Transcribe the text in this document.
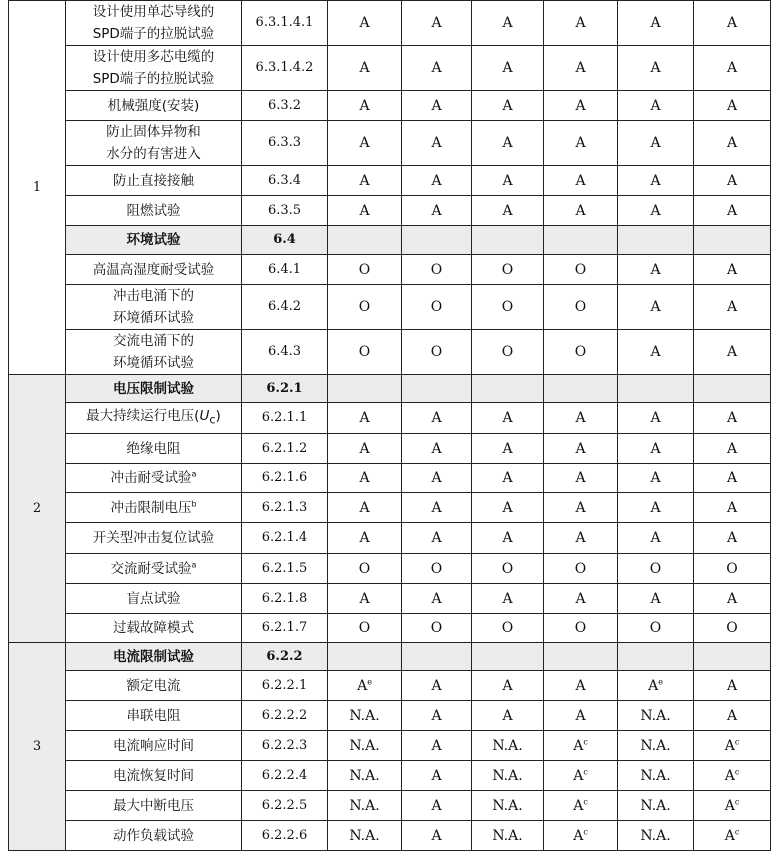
1	设计使用单芯导线的
SPD端子的拉脱试验	6.3.1.4.1	A	A	A	A	A	A
	设计使用多芯电缆的
SPD端子的拉脱试验	6.3.1.4.2	A	A	A	A	A	A
	机械强度(安装)	6.3.2	A	A	A	A	A	A
	防止固体异物和
水分的有害进入	6.3.3	A	A	A	A	A	A
	防止直接接触	6.3.4	A	A	A	A	A	A
	阻燃试验	6.3.5	A	A	A	A	A	A
	环境试验	6.4						
	高温高湿度耐受试验	6.4.1	O	O	O	O	A	A
	冲击电涌下的
环境循环试验	6.4.2	O	O	O	O	A	A
	交流电涌下的
环境循环试验	6.4.3	O	O	O	O	A	A
2	电压限制试验	6.2.1						
	最大持续运行电压$(U_c)$	6.2.1.1	A	A	A	A	A	A
	绝缘电阻	6.2.1.2	A	A	A	A	A	A
	冲击耐受试验$^a$	6.2.1.6	A	A	A	A	A	A
	冲击限制电压$^b$	6.2.1.3	A	A	A	A	A	A
	开关型冲击复位试验	6.2.1.4	A	A	A	A	A	A
	交流耐受试验$^a$	6.2.1.5	O	O	O	O	O	O
	盲点试验	6.2.1.8	A	A	A	A	A	A
	过载故障模式	6.2.1.7	O	O	O	O	O	O
3	电流限制试验	6.2.2						
	额定电流	6.2.2.1	$A^e$	A	A	A	$A^e$	A
	串联电阻	6.2.2.2	N.A.	A	A	A	N.A.	A
	电流响应时间	6.2.2.3	N.A.	A	N.A.	$A^c$	N.A.	$A^c$
	电流恢复时间	6.2.2.4	N.A.	A	N.A.	$A^c$	N.A.	$A^c$
	最大中断电压	6.2.2.5	N.A.	A	N.A.	$A^c$	N.A.	$A^c$
	动作负载试验	6.2.2.6	N.A.	A	N.A.	$A^c$	N.A.	$A^c$
